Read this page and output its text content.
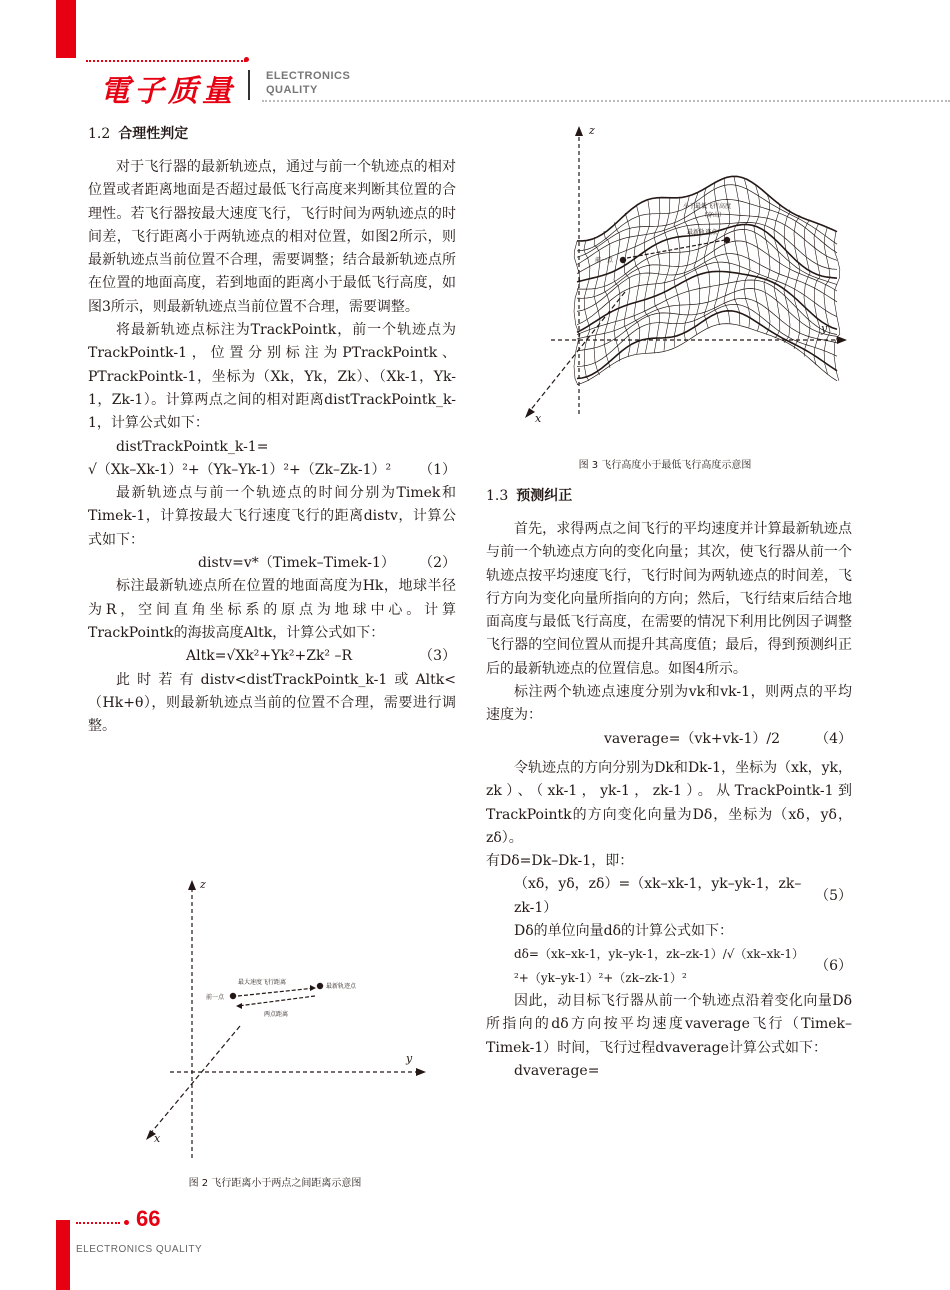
電子质量	ELECTRONICS
QUALITY
1.2 合理性判定

对于飞行器的最新轨迹点，通过与前一个轨迹点的相对位置或者距离地面是否超过最低飞行高度来判断其位置的合理性。若飞行器按最大速度飞行，飞行时间为两轨迹点的时间差，飞行距离小于两轨迹点的相对位置，如图2所示，则最新轨迹点当前位置不合理，需要调整；结合最新轨迹点所在位置的地面高度，若到地面的距离小于最低飞行高度，如图3所示，则最新轨迹点当前位置不合理，需要调整。

将最新轨迹点标注为TrackPointk，前一个轨迹点为TrackPointk-1，位置分别标注为PTrackPointk、PTrackPointk-1，坐标为（Xk，Yk，Zk）、（Xk-1，Yk-1，Zk-1）。计算两点之间的相对距离distTrackPointk_k-1，计算公式如下：

distTrackPointk_k-1=

√（Xk–Xk-1）²+（Yk–Yk-1）²+（Zk–Zk-1）² （1）

最新轨迹点与前一个轨迹点的时间分别为Timek和Timek-1，计算按最大飞行速度飞行的距离distv，计算公式如下：

distv=v*（Timek–Timek-1） （2）

标注最新轨迹点所在位置的地面高度为Hk，地球半径为R，空间直角坐标系的原点为地球中心。计算TrackPointk的海拔高度Altk，计算公式如下：

Altk=√Xk²+Yk²+Zk² –R	（3）

此时若有distv<distTrackPointk_k-1或Altk<（Hk+θ），则最新轨迹点当前的位置不合理，需要进行调整。

z
y
x
前一点
最大速度飞行距离
最新轨迹点
两点距离
图 2 飞行距离小于两点之间距离示意图
z
y
x
小于最低飞行高度
（穿山）
最新轨迹点
前一点
图 3 飞行高度小于最低飞行高度示意图
1.3 预测纠正

首先，求得两点之间飞行的平均速度并计算最新轨迹点与前一个轨迹点方向的变化向量；其次，使飞行器从前一个轨迹点按平均速度飞行，飞行时间为两轨迹点的时间差，飞行方向为变化向量所指向的方向；然后，飞行结束后结合地面高度与最低飞行高度，在需要的情况下利用比例因子调整飞行器的空间位置从而提升其高度值；最后，得到预测纠正后的最新轨迹点的位置信息。如图4所示。

标注两个轨迹点速度分别为vk和vk-1，则两点的平均速度为：

vaverage=（vk+vk-1）/2	（4）

令轨迹点的方向分别为Dk和Dk-1，坐标为（xk，yk，zk）、（xk-1，yk-1，zk-1）。从TrackPointk-1到TrackPointk的方向变化向量为Dδ，坐标为（xδ，yδ，zδ）。

有Dδ=Dk–Dk-1，即：

（xδ，yδ，zδ）=（xk–xk-1，yk–yk-1，zk–zk-1）
（5）

Dδ的单位向量dδ的计算公式如下：

dδ=（xk–xk-1，yk–yk-1，zk–zk-1）/√（xk–xk-1）²+（yk–yk-1）²+（zk–zk-1）²
（6）

因此，动目标飞行器从前一个轨迹点沿着变化向量Dδ所指向的dδ方向按平均速度vaverage飞行（Timek–Timek-1）时间，飞行过程dvaverage计算公式如下：

dvaverage=

66
ELECTRONICS QUALITY
